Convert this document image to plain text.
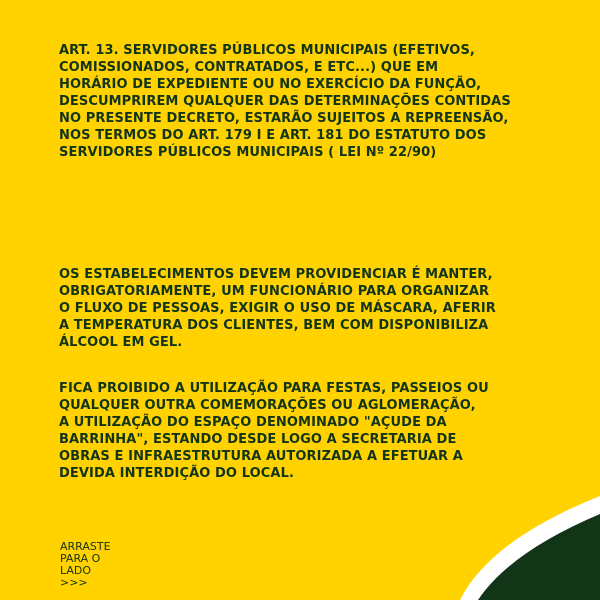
ART. 13. SERVIDORES PÚBLICOS MUNICIPAIS (EFETIVOS,
COMISSIONADOS, CONTRATADOS, E ETC...) QUE EM
HORÁRIO DE EXPEDIENTE OU NO EXERCÍCIO DA FUNÇÃO,
DESCUMPRIREM QUALQUER DAS DETERMINAÇÕES CONTIDAS
NO PRESENTE DECRETO, ESTARÃO SUJEITOS A REPREENSÃO,
NOS TERMOS DO ART. 179 I E ART. 181 DO ESTATUTO DOS
SERVIDORES PÚBLICOS MUNICIPAIS ( LEI Nº 22/90)

OS ESTABELECIMENTOS DEVEM PROVIDENCIAR É MANTER,
OBRIGATORIAMENTE, UM FUNCIONÁRIO PARA ORGANIZAR
O FLUXO DE PESSOAS, EXIGIR O USO DE MÁSCARA, AFERIR
A TEMPERATURA DOS CLIENTES, BEM COM DISPONIBILIZA
ÁLCOOL EM GEL.

FICA PROIBIDO A UTILIZAÇÃO PARA FESTAS, PASSEIOS OU
QUALQUER OUTRA COMEMORAÇÕES OU AGLOMERAÇÃO,
A UTILIZAÇÃO DO ESPAÇO DENOMINADO "AÇUDE DA
BARRINHA", ESTANDO DESDE LOGO A SECRETARIA DE
OBRAS E INFRAESTRUTURA AUTORIZADA A EFETUAR A
DEVIDA INTERDIÇÃO DO LOCAL.

ARRASTE
PARA O
LADO
>>>
